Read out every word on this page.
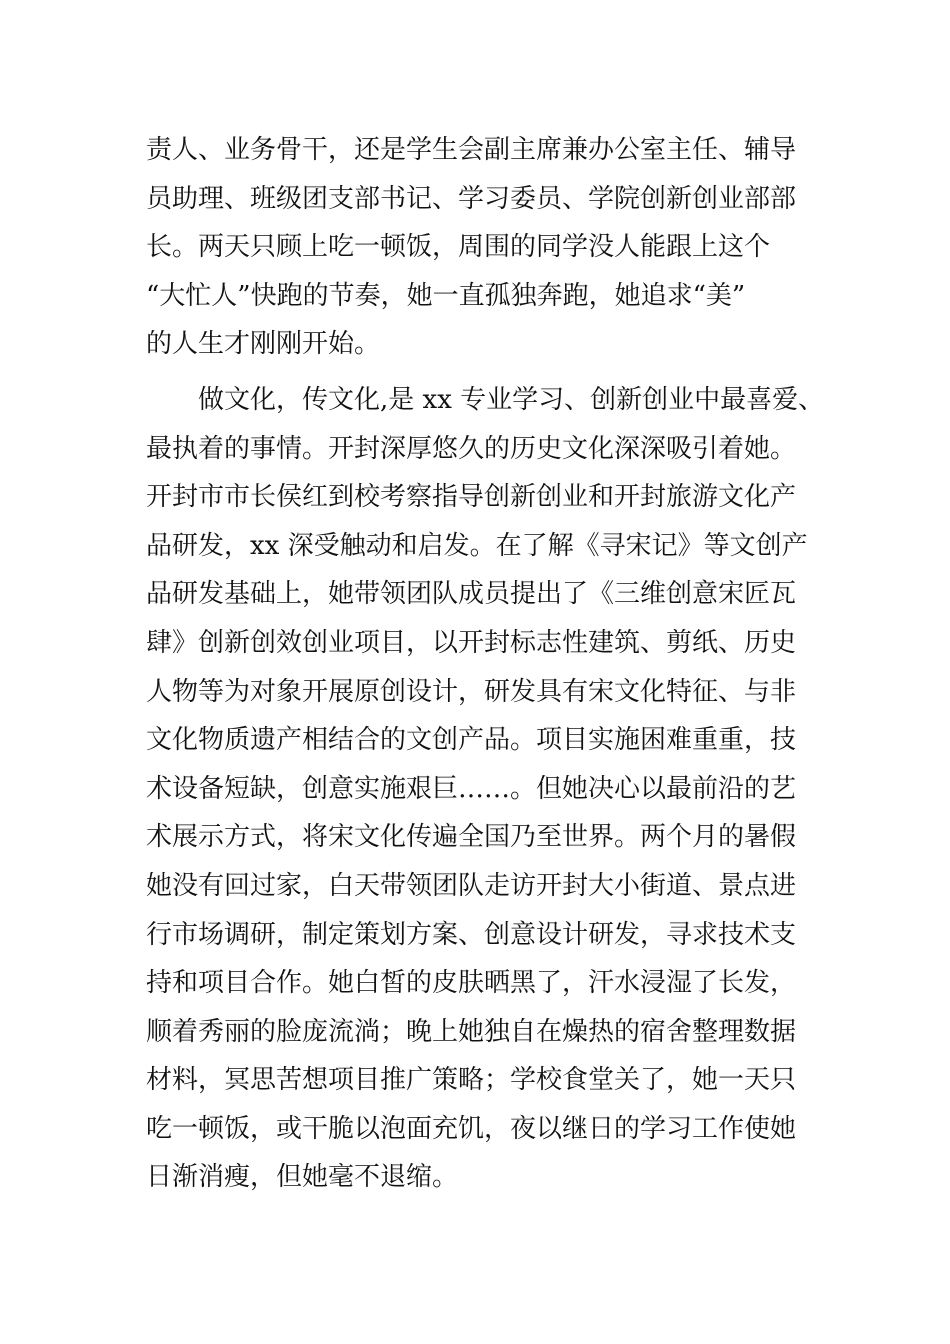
责人、业务骨干，还是学生会副主席兼办公室主任、辅导
员助理、班级团支部书记、学习委员、学院创新创业部部
长。两天只顾上吃一顿饭，周围的同学没人能跟上这个
“大忙人”快跑的节奏，她一直孤独奔跑，她追求“美”
的人生才刚刚开始。
做文化，传文化,是 xx 专业学习、创新创业中最喜爱、
最执着的事情。开封深厚悠久的历史文化深深吸引着她。
开封市市长侯红到校考察指导创新创业和开封旅游文化产
品研发，xx 深受触动和启发。在了解《寻宋记》等文创产
品研发基础上，她带领团队成员提出了《三维创意宋匠瓦
肆》创新创效创业项目，以开封标志性建筑、剪纸、历史
人物等为对象开展原创设计，研发具有宋文化特征、与非
文化物质遗产相结合的文创产品。项目实施困难重重，技
术设备短缺，创意实施艰巨……。但她决心以最前沿的艺
术展示方式，将宋文化传遍全国乃至世界。两个月的暑假
她没有回过家，白天带领团队走访开封大小街道、景点进
行市场调研，制定策划方案、创意设计研发，寻求技术支
持和项目合作。她白皙的皮肤晒黑了，汗水浸湿了长发，
顺着秀丽的脸庞流淌；晚上她独自在燥热的宿舍整理数据
材料，冥思苦想项目推广策略；学校食堂关了，她一天只
吃一顿饭，或干脆以泡面充饥，夜以继日的学习工作使她
日渐消瘦，但她毫不退缩。
